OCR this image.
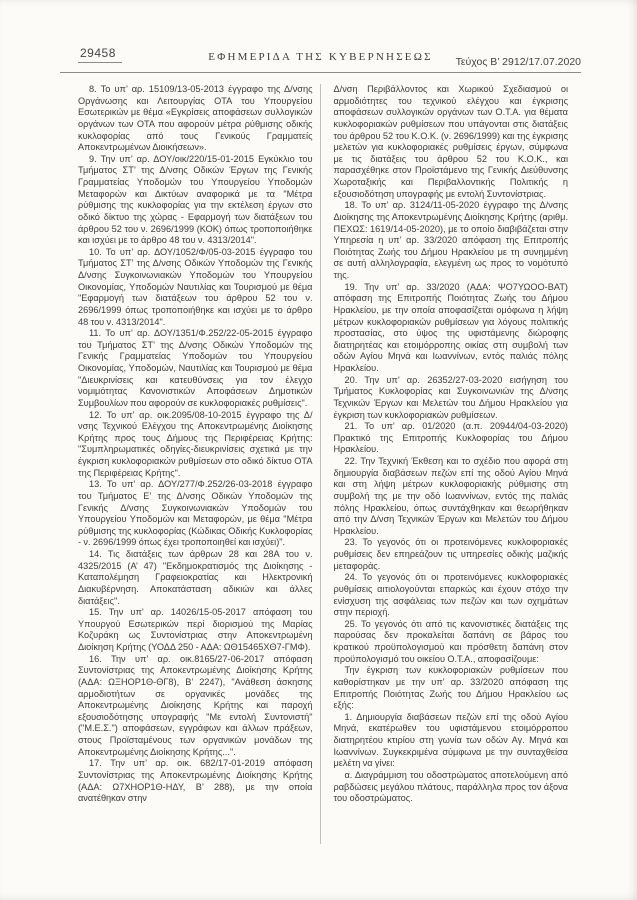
29458	ΕΦΗΜΕΡΙΔΑ ΤΗΣ ΚΥΒΕΡΝΗΣΕΩΣ	Τεύχος Β’ 2912/17.07.2020

8. Το υπ’ αρ. 15109/13-05-2013 έγγραφο της Δ/νσης Οργάνωσης και Λειτουργίας ΟΤΑ του Υπουργείου Εσωτερικών με θέμα «Εγκρίσεις αποφάσεων συλλογικών οργάνων των ΟΤΑ που αφορούν μέτρα ρύθμισης οδικής κυκλοφορίας από τους Γενικούς Γραμματείς Αποκεντρωμένων Διοικήσεων».

9. Την υπ’ αρ. ΔΟΥ/οικ/220/15-01-2015 Εγκύκλιο του Τμήματος ΣΤ’ της Δ/νσης Οδικών Έργων της Γενικής Γραμματείας Υποδομών του Υπουργείου Υποδομών Μεταφορών και Δικτύων αναφορικά με τα "Μέτρα ρύθμισης της κυκλοφορίας για την εκτέλεση έργων στο οδικό δίκτυο της χώρας - Εφαρμογή των διατάξεων του άρθρου 52 του ν. 2696/1999 (ΚΟΚ) όπως τροποποιήθηκε και ισχύει με το άρθρο 48 του ν. 4313/2014".

10. Το υπ’ αρ. ΔΟΥ/1052/Φ/05-03-2015 έγγραφο του Τμήματος ΣΤ’ της Δ/νσης Οδικών Υποδομών της Γενικής Δ/νσης Συγκοινωνιακών Υποδομών του Υπουργείου Οικονομίας, Υποδομών Ναυτιλίας και Τουρισμού με θέμα "Εφαρμογή των διατάξεων του άρθρου 52 του ν. 2696/1999 όπως τροποποιήθηκε και ισχύει με το άρθρο 48 του ν. 4313/2014".

11. Το υπ’ αρ. ΔΟΥ/1351/Φ.252/22-05-2015 έγγραφο του Τμήματος ΣΤ’ της Δ/νσης Οδικών Υποδομών της Γενικής Γραμματείας Υποδομών του Υπουργείου Οικονομίας, Υποδομών, Ναυτιλίας και Τουρισμού με θέμα "Διευκρινίσεις και κατευθύνσεις για τον έλεγχο νομιμότητας Κανονιστικών Αποφάσεων Δημοτικών Συμβουλίων που αφορούν σε κυκλοφοριακές ρυθμίσεις".

12. Το υπ’ αρ. οικ.2095/08-10-2015 έγγραφο της Δ/νσης Τεχνικού Ελέγχου της Αποκεντρωμένης Διοίκησης Κρήτης προς τους Δήμους της Περιφέρειας Κρήτης: "Συμπληρωματικές οδηγίες-διευκρινίσεις σχετικά με την έγκριση κυκλοφοριακών ρυθμίσεων στο οδικό δίκτυο ΟΤΑ της Περιφέρειας Κρήτης".

13. Το υπ’ αρ. ΔΟΥ/277/Φ.252/26-03-2018 έγγραφο του Τμήματος Ε’ της Δ/νσης Οδικών Υποδομών της Γενικής Δ/νσης Συγκοινωνιακών Υποδομών του Υπουργείου Υποδομών και Μεταφορών, με θέμα "Μέτρα ρύθμισης της κυκλοφορίας (Κώδικας Οδικής Κυκλοφορίας - ν. 2696/1999 όπως έχει τροποποιηθεί και ισχύει)".

14. Τις διατάξεις των άρθρων 28 και 28Α του ν. 4325/2015 (Α’ 47) "Εκδημοκρατισμός της Διοίκησης - Καταπολέμηση Γραφειοκρατίας και Ηλεκτρονική Διακυβέρνηση. Αποκατάσταση αδικιών και άλλες διατάξεις".

15. Την υπ’ αρ. 14026/15-05-2017 απόφαση του Υπουργού Εσωτερικών περί διορισμού της Μαρίας Κοζυράκη ως Συντονίστριας στην Αποκεντρωμένη Διοίκηση Κρήτης (ΥΟΔΔ 250 - ΑΔΑ: ΩΘ15465ΧΘ7-ΓΜΦ).

16. Την υπ’ αρ. οικ.8165/27-06-2017 απόφαση Συντονίστριας της Αποκεντρωμένης Διοίκησης Κρήτης (ΑΔΑ: ΩΞΗΟΡ1Θ-ΘΓ8), Β’ 2247), "Ανάθεση άσκησης αρμοδιοτήτων σε οργανικές μονάδες της Αποκεντρωμένης Διοίκησης Κρήτης και παροχή εξουσιοδότησης υπογραφής "Με εντολή Συντονιστή" ("Μ.Ε.Σ.") αποφάσεων, εγγράφων και άλλων πράξεων, στους Προϊσταμένους των οργανικών μονάδων της Αποκεντρωμένης Διοίκησης Κρήτης...".

17. Την υπ’ αρ. οικ. 682/17-01-2019 απόφαση Συντονίστριας της Αποκεντρωμένης Διοίκησης Κρήτης (ΑΔΑ: Ω7ΧΗΟΡ1Θ-ΗΔΥ, Β’ 288), με την οποία ανατέθηκαν στην

Δ/νση Περιβάλλοντος και Χωρικού Σχεδιασμού οι αρμοδιότητες του τεχνικού ελέγχου και έγκρισης αποφάσεων συλλογικών οργάνων των Ο.Τ.Α. για θέματα κυκλοφοριακών ρυθμίσεων που υπάγονται στις διατάξεις του άρθρου 52 του Κ.Ο.Κ. (ν. 2696/1999) και της έγκρισης μελετών για κυκλοφοριακές ρυθμίσεις έργων, σύμφωνα με τις διατάξεις του άρθρου 52 του Κ.Ο.Κ., και παρασχέθηκε στον Προϊστάμενο της Γενικής Διεύθυνσης Χωροταξικής και Περιβαλλοντικής Πολιτικής η εξουσιοδότηση υπογραφής με εντολή Συντονίστριας.

18. Το υπ’ αρ. 3124/11-05-2020 έγγραφο της Δ/νσης Διοίκησης της Αποκεντρωμένης Διοίκησης Κρήτης (αριθμ. ΠΕΧΩΣ: 1619/14-05-2020), με το οποίο διαβιβάζεται στην Υπηρεσία η υπ’ αρ. 33/2020 απόφαση της Επιτροπής Ποιότητας Ζωής του Δήμου Ηρακλείου με τη συνημμένη σε αυτή αλληλογραφία, ελεγμένη ως προς το νομότυπό της.

19. Την υπ’ αρ. 33/2020 (ΑΔΑ: ΨΟ7ΥΩΟΟ-ΒΑΤ) απόφαση της Επιτροπής Ποιότητας Ζωής του Δήμου Ηρακλείου, με την οποία αποφασίζεται ομόφωνα η λήψη μέτρων κυκλοφοριακών ρυθμίσεων για λόγους πολιτικής προστασίας, στο ύψος της υφιστάμενης διώροφης διατηρητέας και ετοιμόρροπης οικίας στη συμβολή των οδών Αγίου Μηνά και Ιωαννίνων, εντός παλιάς πόλης Ηρακλείου.

20. Την υπ’ αρ. 26352/27-03-2020 εισήγηση του Τμήματος Κυκλοφορίας και Συγκοινωνιών της Δ/νσης Τεχνικών Έργων και Μελετών του Δήμου Ηρακλείου για έγκριση των κυκλοφοριακών ρυθμίσεων.

21. Το υπ’ αρ. 01/2020 (α.π. 20944/04-03-2020) Πρακτικό της Επιτροπής Κυκλοφορίας του Δήμου Ηρακλείου.

22. Την Τεχνική Έκθεση και το σχέδιο που αφορά στη δημιουργία διαβάσεων πεζών επί της οδού Αγίου Μηνά και στη λήψη μέτρων κυκλοφοριακής ρύθμισης στη συμβολή της με την οδό Ιωαννίνων, εντός της παλιάς πόλης Ηρακλείου, όπως συντάχθηκαν και θεωρήθηκαν από την Δ/νση Τεχνικών Έργων και Μελετών του Δήμου Ηρακλείου.

23. Το γεγονός ότι οι προτεινόμενες κυκλοφοριακές ρυθμίσεις δεν επηρεάζουν τις υπηρεσίες οδικής μαζικής μεταφοράς.

24. Το γεγονός ότι οι προτεινόμενες κυκλοφοριακές ρυθμίσεις αιτιολογούνται επαρκώς και έχουν στόχο την ενίσχυση της ασφάλειας των πεζών και των οχημάτων στην περιοχή.

25. Το γεγονός ότι από τις κανονιστικές διατάξεις της παρούσας δεν προκαλείται δαπάνη σε βάρος του κρατικού προϋπολογισμού και πρόσθετη δαπάνη στον προϋπολογισμό του οικείου Ο.Τ.Α., αποφασίζουμε:

Την έγκριση των κυκλοφοριακών ρυθμίσεων που καθορίστηκαν με την υπ’ αρ. 33/2020 απόφαση της Επιτροπής Ποιότητας Ζωής του Δήμου Ηρακλείου ως εξής:

1. Δημιουργία διαβάσεων πεζών επί της οδού Αγίου Μηνά, εκατέρωθεν του υφιστάμενου ετοιμόρροπου διατηρητέου κτιρίου στη γωνία των οδών Αγ. Μηνά και Ιωαννίνων. Συγκεκριμένα σύμφωνα με την συνταχθείσα μελέτη να γίνει:

α. Διαγράμμιση του οδοστρώματος αποτελούμενη από ραβδώσεις μεγάλου πλάτους, παράλληλα προς τον άξονα του οδοστρώματος.
